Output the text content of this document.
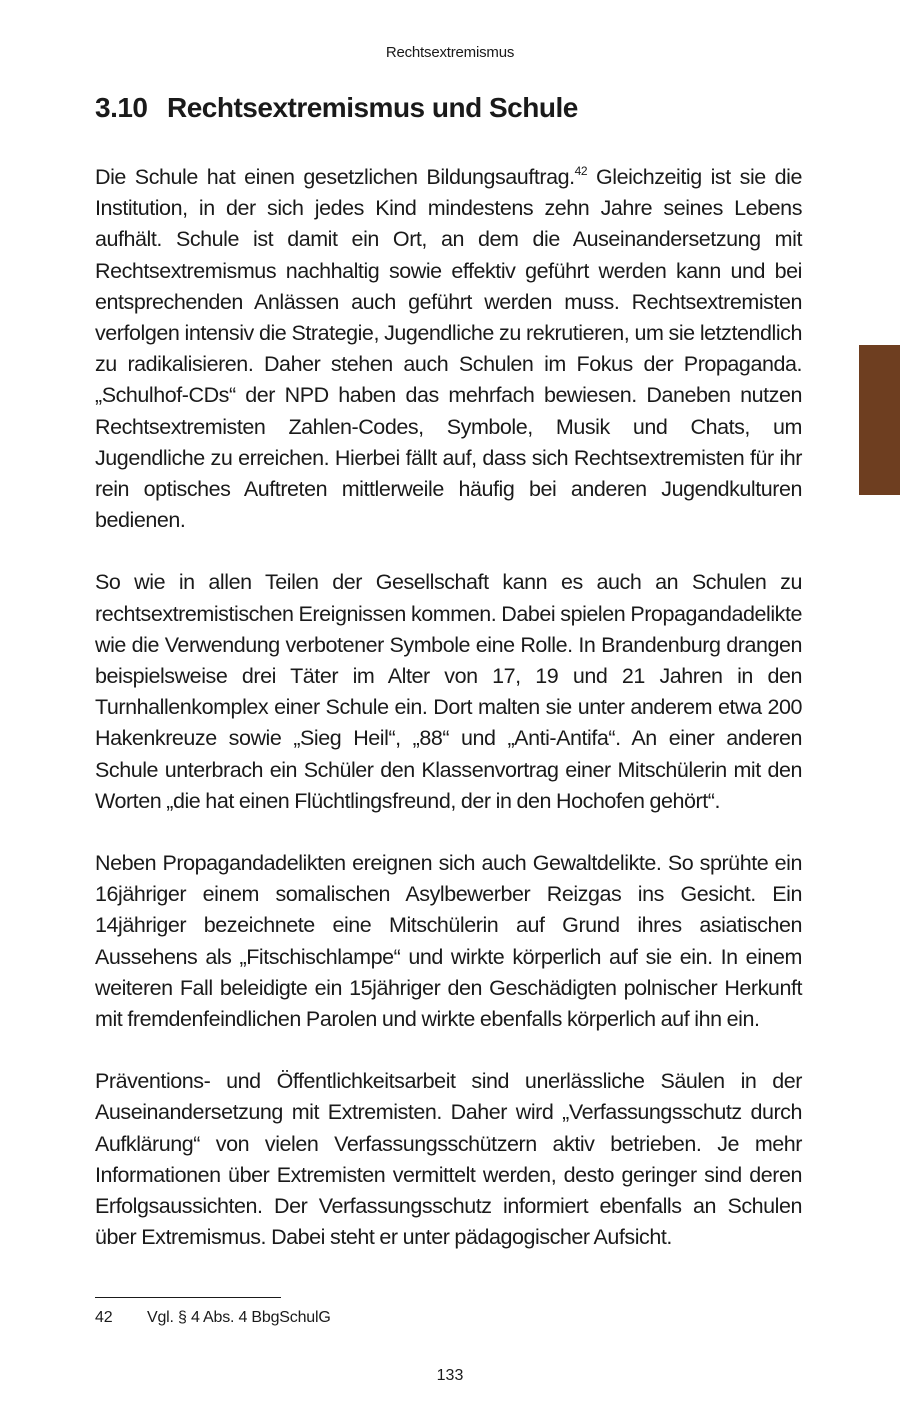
Rechtsextremismus
3.10 Rechtsextremismus und Schule

Die Schule hat einen gesetzlichen Bildungsauftrag.$^{42}$ Gleichzeitig ist sie die Institution, in der sich jedes Kind mindestens zehn Jahre seines Lebens aufhält. Schule ist damit ein Ort, an dem die Auseinandersetzung mit Rechtsextremismus nachhaltig sowie effektiv geführt werden kann und bei entsprechenden Anlässen auch geführt werden muss. Rechtsextremisten verfolgen intensiv die Strategie, Jugendliche zu rekrutieren, um sie letztendlich zu radikalisieren. Daher stehen auch Schulen im Fokus der Propaganda. „Schulhof-CDs“ der NPD haben das mehrfach bewiesen. Daneben nutzen Rechtsextremisten Zahlen-Codes, Symbole, Musik und Chats, um Jugendliche zu erreichen. Hierbei fällt auf, dass sich Rechtsextremisten für ihr rein optisches Auftreten mittlerweile häufig bei anderen Jugendkulturen bedienen.

So wie in allen Teilen der Gesellschaft kann es auch an Schulen zu rechtsextremistischen Ereignissen kommen. Dabei spielen Propagandadelikte wie die Verwendung verbotener Symbole eine Rolle. In Brandenburg drangen beispielsweise drei Täter im Alter von 17, 19 und 21 Jahren in den Turnhallenkomplex einer Schule ein. Dort malten sie unter anderem etwa 200 Hakenkreuze sowie „Sieg Heil“, „88“ und „Anti-Antifa“. An einer anderen Schule unterbrach ein Schüler den Klassenvortrag einer Mitschülerin mit den Worten „die hat einen Flüchtlingsfreund, der in den Hochofen gehört“.

Neben Propagandadelikten ereignen sich auch Gewaltdelikte. So sprühte ein 16jähriger einem somalischen Asylbewerber Reizgas ins Gesicht. Ein 14jähriger bezeichnete eine Mitschülerin auf Grund ihres asiatischen Aussehens als „Fitschischlampe“ und wirkte körperlich auf sie ein. In einem weiteren Fall beleidigte ein 15jähriger den Geschädigten polnischer Herkunft mit fremdenfeindlichen Parolen und wirkte ebenfalls körperlich auf ihn ein.

Präventions- und Öffentlichkeitsarbeit sind unerlässliche Säulen in der Auseinandersetzung mit Extremisten. Daher wird „Verfassungsschutz durch Aufklärung“ von vielen Verfassungsschützern aktiv betrieben. Je mehr Informationen über Extremisten vermittelt werden, desto geringer sind deren Erfolgsaussichten. Der Verfassungsschutz informiert ebenfalls an Schulen über Extremismus. Dabei steht er unter pädagogischer Aufsicht.

42 Vgl. § 4 Abs. 4 BbgSchulG
133
